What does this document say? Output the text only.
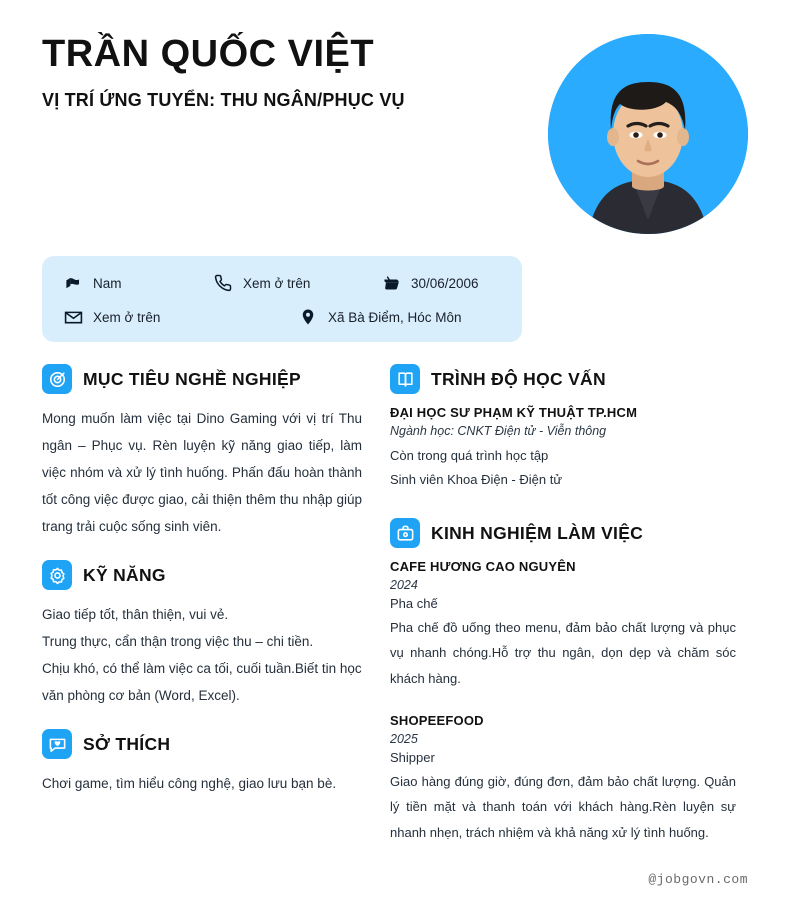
TRẦN QUỐC VIỆT
VỊ TRÍ ỨNG TUYỂN: THU NGÂN/PHỤC VỤ
Nam	Xem ở trên	30/06/2006
Xem ở trên	Xã Bà Điểm, Hóc Môn
MỤC TIÊU NGHỀ NGHIỆP
Mong muốn làm việc tại Dino Gaming với vị trí Thu ngân – Phục vụ. Rèn luyện kỹ năng giao tiếp, làm việc nhóm và xử lý tình huống. Phấn đấu hoàn thành tốt công việc được giao, cải thiện thêm thu nhập giúp trang trải cuộc sống sinh viên.
KỸ NĂNG
Giao tiếp tốt, thân thiện, vui vẻ.
Trung thực, cẩn thận trong việc thu – chi tiền.
Chịu khó, có thể làm việc ca tối, cuối tuần.Biết tin học văn phòng cơ bản (Word, Excel).
SỞ THÍCH
Chơi game, tìm hiểu công nghệ, giao lưu bạn bè.
TRÌNH ĐỘ HỌC VẤN
ĐẠI HỌC SƯ PHẠM KỸ THUẬT TP.HCM
Ngành học: CNKT Điện tử - Viễn thông
Còn trong quá trình học tập
Sinh viên Khoa Điện - Điện tử
KINH NGHIỆM LÀM VIỆC
CAFE HƯƠNG CAO NGUYÊN
2024
Pha chế
Pha chế đồ uống theo menu, đảm bảo chất lượng và phục vụ nhanh chóng.Hỗ trợ thu ngân, dọn dẹp và chăm sóc khách hàng.
SHOPEEFOOD
2025
Shipper
Giao hàng đúng giờ, đúng đơn, đảm bảo chất lượng. Quản lý tiền mặt và thanh toán với khách hàng.Rèn luyện sự nhanh nhẹn, trách nhiệm và khả năng xử lý tình huống.
@jobgovn.com
